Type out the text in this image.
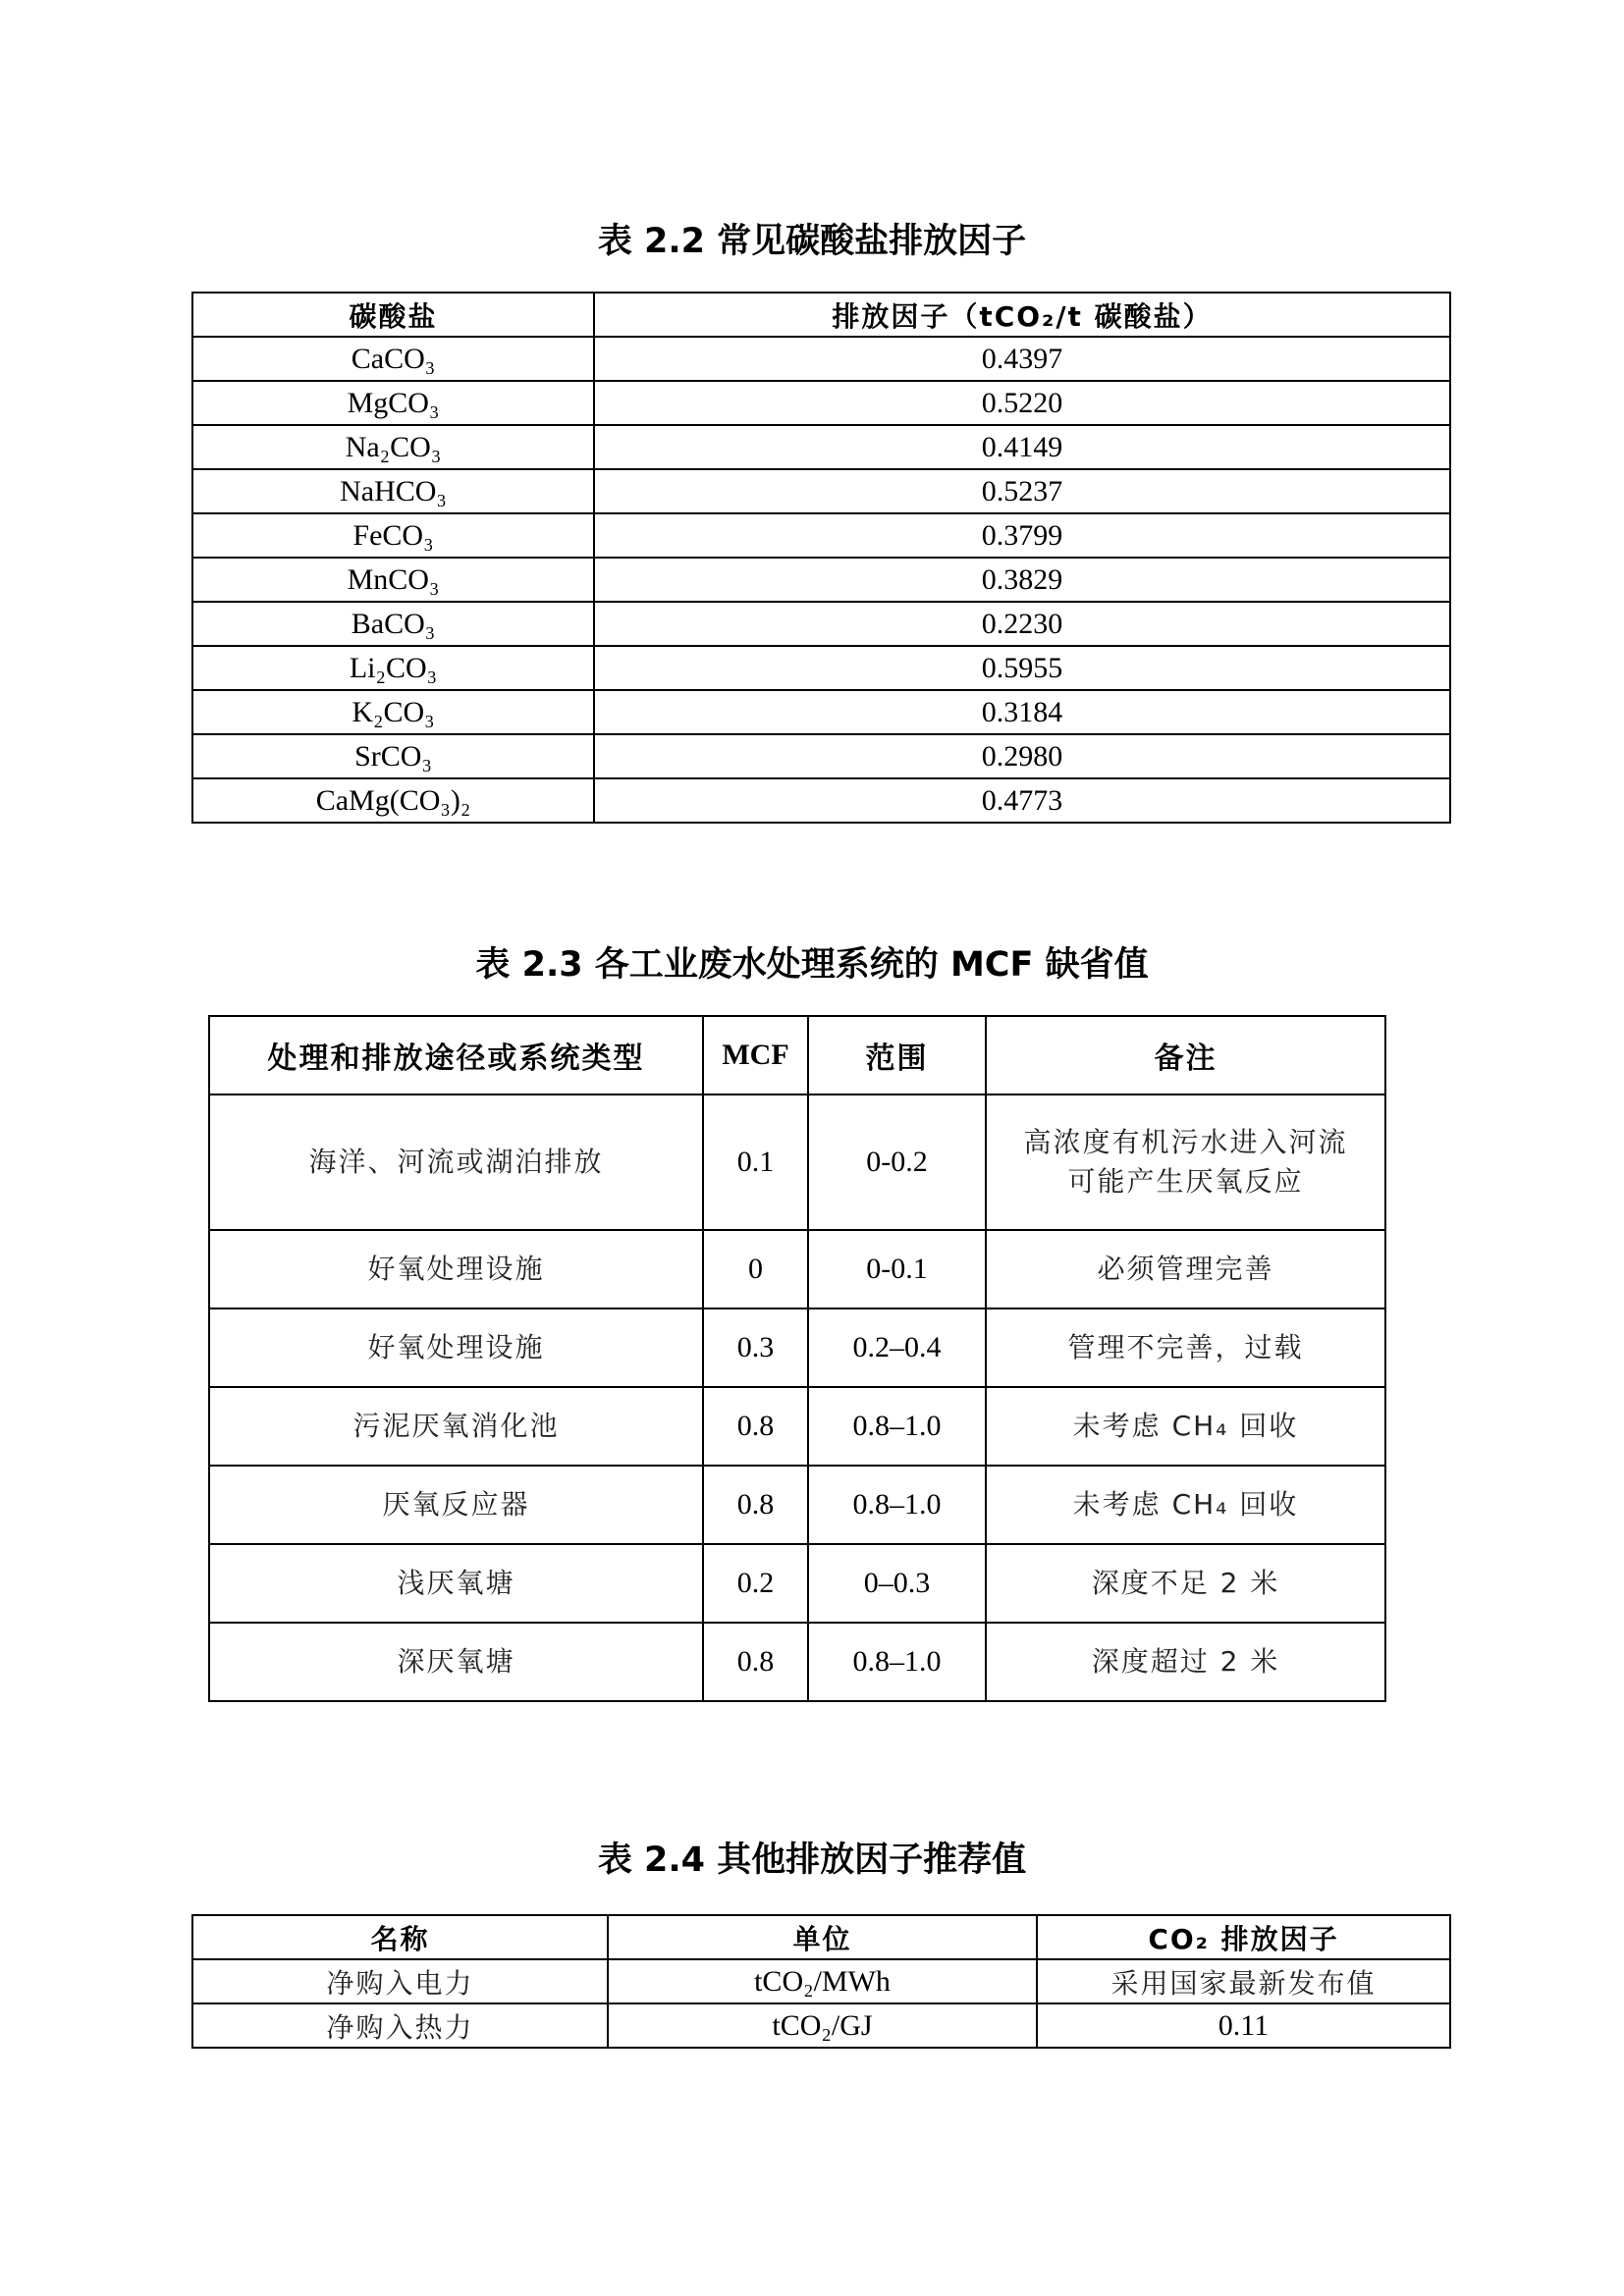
表 2.2 常见碳酸盐排放因子
碳酸盐	排放因子（tCO₂/t 碳酸盐）
CaCO₃	0.4397
MgCO₃	0.5220
Na₂CO₃	0.4149
NaHCO₃	0.5237
FeCO₃	0.3799
MnCO₃	0.3829
BaCO₃	0.2230
Li₂CO₃	0.5955
K₂CO₃	0.3184
SrCO₃	0.2980
CaMg(CO₃)₂	0.4773
表 2.3 各工业废水处理系统的 MCF 缺省值
处理和排放途径或系统类型	MCF	范围	备注
海洋、河流或湖泊排放	0.1	0-0.2	高浓度有机污水进入河流
可能产生厌氧反应

好氧处理设施	0	0-0.1	必须管理完善
好氧处理设施	0.3	0.2–0.4	管理不完善，过载
污泥厌氧消化池	0.8	0.8–1.0	未考虑 CH₄ 回收
厌氧反应器	0.8	0.8–1.0	未考虑 CH₄ 回收
浅厌氧塘	0.2	0–0.3	深度不足 2 米
深厌氧塘	0.8	0.8–1.0	深度超过 2 米
表 2.4 其他排放因子推荐值
名称	单位	CO₂ 排放因子
净购入电力	tCO₂/MWh	采用国家最新发布值
净购入热力	tCO₂/GJ	0.11
